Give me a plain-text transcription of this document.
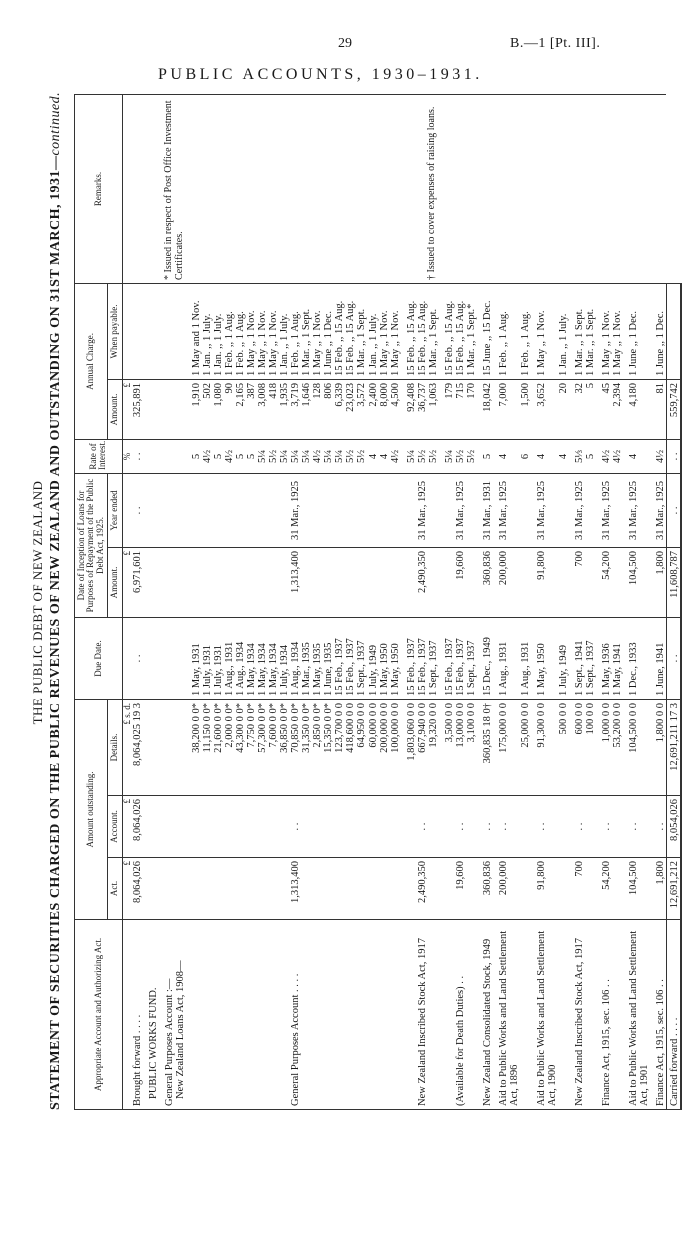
29	B.—1 [Pt. III].
PUBLIC ACCOUNTS, 1930–1931.
THE PUBLIC DEBT OF NEW ZEALAND STATEMENT OF SECURITIES CHARGED ON THE PUBLIC REVENUES OF NEW ZEALAND AND OUTSTANDING ON 31ST MARCH, 1931—continued.
Appropriate Account and Authorizing Act.	Amount outstanding.			Due Date.	Date of Inception of Loans for Purposes of Repayment of the Public Debt Act, 1925.		Rate of Interest.	Annual Charge.		Remarks.
	Act.	Account.	Details.		Amount.	Year ended		Amount.	When payable.	

Brought forward . . . .	£ 8,064,026	£ 8,064,026	£ s. d. 8,064,025 19 3	. .	£ 6,971,601	. .	% . .	£ 325,891		* Issued in respect of Post Office Investment Certificates. † Issued to cover expenses of raising loans.

PUBLIC WORKS FUND.										
General Purposes Account :—										
New Zealand Loans Act, 1908—										
			38,200 0 0*	1 May, 1931			5	1,910	1 May and 1 Nov.	
			11,150 0 0*	1 July, 1931			4½	502	1 Jan. ,, 1 July.	
			21,600 0 0*	1 July, 1931			5	1,080	1 Jan. ,, 1 July.	
			2,000 0 0*	1 Aug., 1931			4½	90	1 Feb. ,, 1 Aug.	
			43,300 0 0*	1 Aug., 1934			5	2,165	1 Feb. ,, 1 Aug.	
			7,750 0 0*	1 May, 1934			5	387	1 May ,, 1 Nov.	
			57,300 0 0*	1 May, 1934			5¼	3,008	1 May ,, 1 Nov.	
			7,600 0 0*	1 May, 1934			5½	418	1 May ,, 1 Nov.	
			36,850 0 0*	1 July, 1934			5¼	1,935	1 Jan. ,, 1 July.	
General Purposes Account . . . .	1,313,400	. .	70,850 0 0*	1 Aug., 1934	1,313,400	31 Mar., 1925	5¼	3,719	1 Feb. ,, 1 Aug.	
			31,350 0 0*	1 Mar., 1935			5¼	1,646	1 Mar. ,, 1 Sept.	
			2,850 0 0*	1 May, 1935			4½	128	1 May ,, 1 Nov.	
			15,350 0 0*	1 June, 1935			5¼	806	1 June ,, 1 Dec.	
			123,700 0 0	15 Feb., 1937			5¼	6,339	15 Feb. ,, 15 Aug.	
			418,600 0 0	15 Feb., 1937			5½	23,023	15 Feb. ,, 15 Aug.	
			64,950 0 0	1 Sept., 1937			5½	3,572	1 Mar. ,, 1 Sept.	
			60,000 0 0	1 July, 1949			4	2,400	1 Jan. ,, 1 July.	
			200,000 0 0	1 May, 1950			4	8,000	1 May ,, 1 Nov.	
			100,000 0 0	1 May, 1950			4½	4,500	1 May ,, 1 Nov.	
			1,803,060 0 0	15 Feb., 1937			5¼	92,408	15 Feb. ,, 15 Aug.	
New Zealand Inscribed Stock Act, 1917	2,490,350	. .	667,940 0 0	15 Feb., 1937	2,490,350	31 Mar., 1925	5½	36,737	15 Feb. ,, 15 Aug.	
			19,320 0 0	1 Sept., 1937			5½	1,063	1 Mar. ,, 1 Sept.	
			3,500 0 0	15 Feb., 1937			5¼	179	15 Feb. ,, 15 Aug.	
(Available for Death Duties) . .	19,600	. .	13,000 0 0	15 Feb., 1937	19,600	31 Mar., 1925	5½	715	15 Feb. ,, 15 Aug.	
			3,100 0 0	1 Sept., 1937			5½	170	1 Mar. ,, 1 Sept.*	
New Zealand Consolidated Stock, 1949	360,836	. .	360,835 18 0†	15 Dec., 1949	360,836	31 Mar., 1931	5	18,042	15 June ,, 15 Dec.	
Aid to Public Works and Land Settlement Act, 1896	200,000	. .	175,000 0 0	1 Aug., 1931	200,000	31 Mar., 1925	4	7,000	1 Feb. ,, 1 Aug.	
			25,000 0 0	1 Aug., 1931			6	1,500	1 Feb. ,, 1 Aug.	
Aid to Public Works and Land Settlement Act, 1900	91,800	. .	91,300 0 0	1 May, 1950	91,800	31 Mar., 1925	4	3,652	1 May ,, 1 Nov.	
			500 0 0	1 July, 1949			4	20	1 Jan. ,, 1 July.	
New Zealand Inscribed Stock Act, 1917	700	. .	600 0 0	1 Sept., 1941	700	31 Mar., 1925	5⅓	32	1 Mar. ,, 1 Sept.	
			100 0 0	1 Sept., 1937			5	5	1 Mar. ,, 1 Sept.	
Finance Act, 1915, sec. 106 . .	54,200	. .	1,000 0 0	1 May, 1936	54,200	31 Mar., 1925	4½	45	1 May ,, 1 Nov.	
			53,200 0 0	1 May, 1941			4½	2,394	1 May ,, 1 Nov.	
Aid to Public Works and Land Settlement Act, 1901	104,500	. .	104,500 0 0	1 Dec., 1933	104,500	31 Mar., 1925	4	4,180	1 June ,, 1 Dec.	
Finance Act, 1915, sec. 106 . .	1,800	. .	1,800 0 0	1 June, 1941	1,800	31 Mar., 1925	4½	81	1 June ,, 1 Dec.	
Carried forward . . . .	12,691,212	8,054,026	12,691,211 17 3	. .	11,608,787	. .	. .	559,742		
